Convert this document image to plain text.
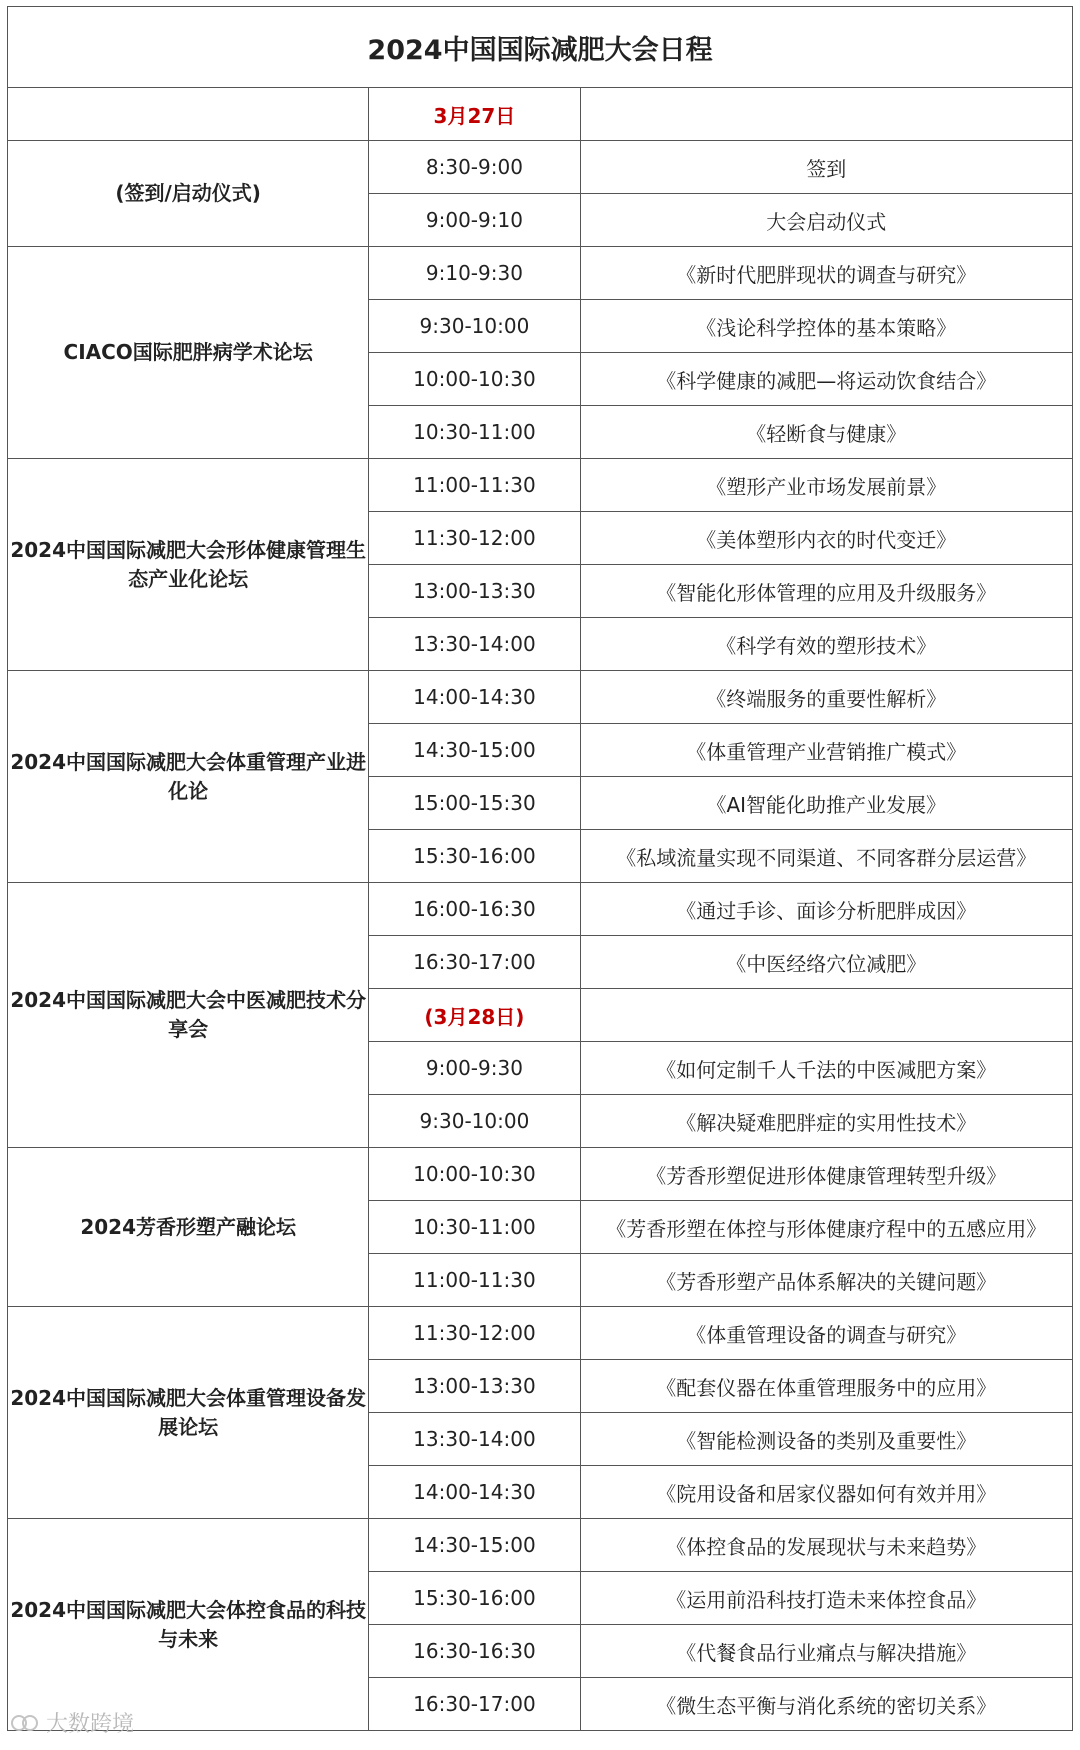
2024中国国际减肥大会日程		
	3月27日	
(签到/启动仪式)	8:30-9:00	签到
	9:00-9:10	大会启动仪式
CIACO国际肥胖病学术论坛	9:10-9:30	《新时代肥胖现状的调查与研究》
	9:30-10:00	《浅论科学控体的基本策略》
	10:00-10:30	《科学健康的减肥—将运动饮食结合》
	10:30-11:00	《轻断食与健康》
2024中国国际减肥大会形体健康管理生态产业化论坛	11:00-11:30	《塑形产业市场发展前景》
	11:30-12:00	《美体塑形内衣的时代变迁》
	13:00-13:30	《智能化形体管理的应用及升级服务》
	13:30-14:00	《科学有效的塑形技术》
2024中国国际减肥大会体重管理产业进化论	14:00-14:30	《终端服务的重要性解析》
	14:30-15:00	《体重管理产业营销推广模式》
	15:00-15:30	《AI智能化助推产业发展》
	15:30-16:00	《私域流量实现不同渠道、不同客群分层运营》
2024中国国际减肥大会中医减肥技术分享会	16:00-16:30	《通过手诊、面诊分析肥胖成因》
	16:30-17:00	《中医经络穴位减肥》
	(3月28日)	
	9:00-9:30	《如何定制千人千法的中医减肥方案》
	9:30-10:00	《解决疑难肥胖症的实用性技术》
2024芳香形塑产融论坛	10:00-10:30	《芳香形塑促进形体健康管理转型升级》
	10:30-11:00	《芳香形塑在体控与形体健康疗程中的五感应用》
	11:00-11:30	《芳香形塑产品体系解决的关键问题》
2024中国国际减肥大会体重管理设备发展论坛	11:30-12:00	《体重管理设备的调查与研究》
	13:00-13:30	《配套仪器在体重管理服务中的应用》
	13:30-14:00	《智能检测设备的类别及重要性》
	14:00-14:30	《院用设备和居家仪器如何有效并用》
2024中国国际减肥大会体控食品的科技与未来	14:30-15:00	《体控食品的发展现状与未来趋势》
	15:30-16:00	《运用前沿科技打造未来体控食品》
	16:30-16:30	《代餐食品行业痛点与解决措施》
	16:30-17:00	《微生态平衡与消化系统的密切关系》
大数跨境
